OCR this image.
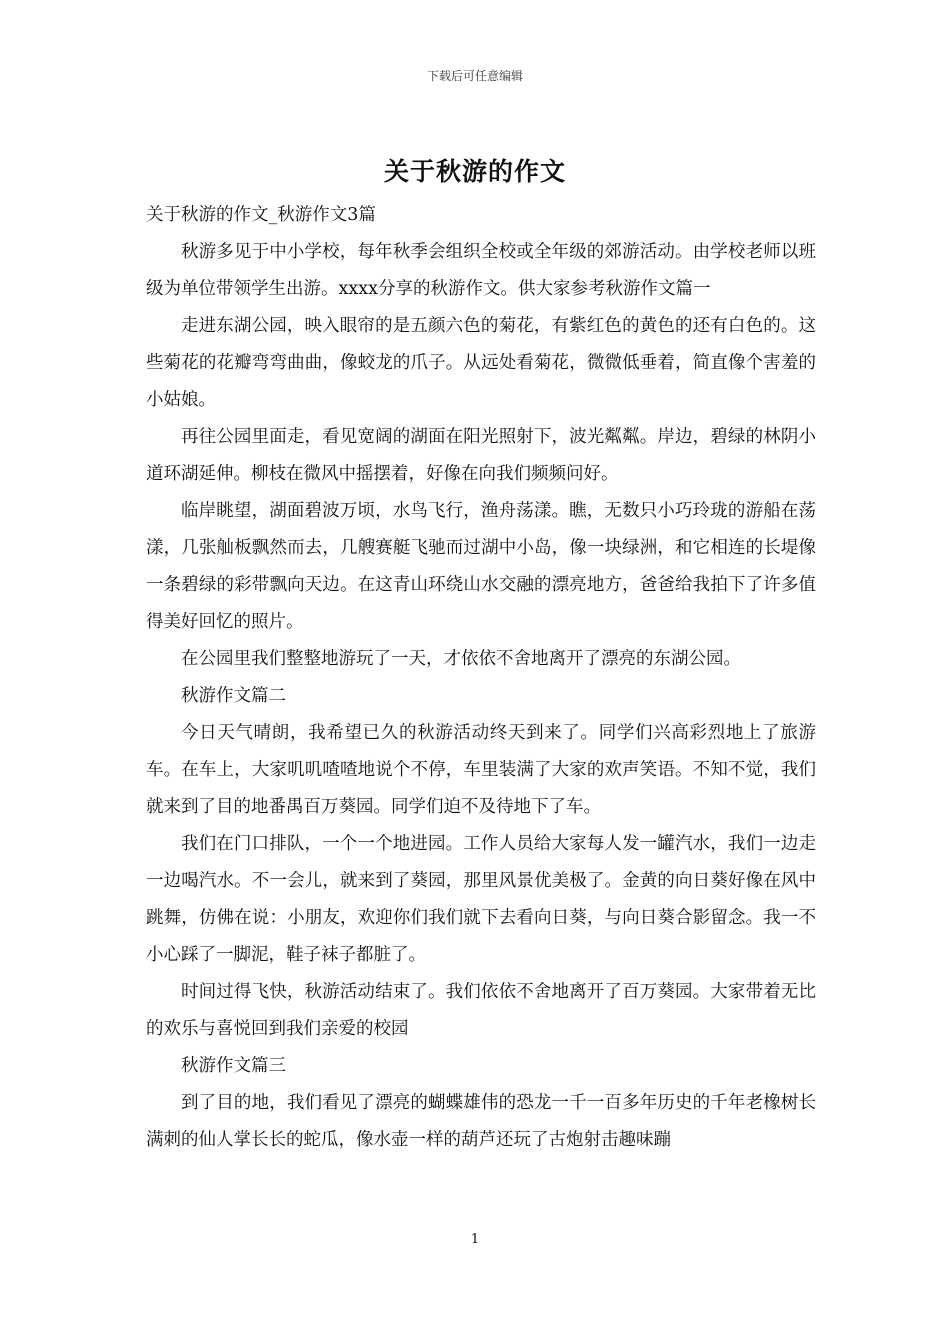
下载后可任意编辑
关于秋游的作文

关于秋游的作文_秋游作文3篇

秋游多见于中小学校，每年秋季会组织全校或全年级的郊游活动。由学校老师以班级为单位带领学生出游。xxxx分享的秋游作文。供大家参考秋游作文篇一

走进东湖公园，映入眼帘的是五颜六色的菊花，有紫红色的黄色的还有白色的。这些菊花的花瓣弯弯曲曲，像蛟龙的爪子。从远处看菊花，微微低垂着，简直像个害羞的小姑娘。

再往公园里面走，看见宽阔的湖面在阳光照射下，波光粼粼。岸边，碧绿的林阴小道环湖延伸。柳枝在微风中摇摆着，好像在向我们频频问好。

临岸眺望，湖面碧波万顷，水鸟飞行，渔舟荡漾。瞧，无数只小巧玲珑的游船在荡漾，几张舢板飘然而去，几艘赛艇飞驰而过湖中小岛，像一块绿洲，和它相连的长堤像一条碧绿的彩带飘向天边。在这青山环绕山水交融的漂亮地方，爸爸给我拍下了许多值得美好回忆的照片。

在公园里我们整整地游玩了一天，才依依不舍地离开了漂亮的东湖公园。

秋游作文篇二

今日天气晴朗，我希望已久的秋游活动终天到来了。同学们兴高彩烈地上了旅游车。在车上，大家叽叽喳喳地说个不停，车里装满了大家的欢声笑语。不知不觉，我们就来到了目的地番禺百万葵园。同学们迫不及待地下了车。

我们在门口排队，一个一个地进园。工作人员给大家每人发一罐汽水，我们一边走一边喝汽水。不一会儿，就来到了葵园，那里风景优美极了。金黄的向日葵好像在风中跳舞，仿佛在说：小朋友，欢迎你们我们就下去看向日葵，与向日葵合影留念。我一不小心踩了一脚泥，鞋子袜子都脏了。

时间过得飞快，秋游活动结束了。我们依依不舍地离开了百万葵园。大家带着无比的欢乐与喜悦回到我们亲爱的校园

秋游作文篇三

到了目的地，我们看见了漂亮的蝴蝶雄伟的恐龙一千一百多年历史的千年老橡树长满刺的仙人掌长长的蛇瓜，像水壶一样的葫芦还玩了古炮射击趣味蹦

1
